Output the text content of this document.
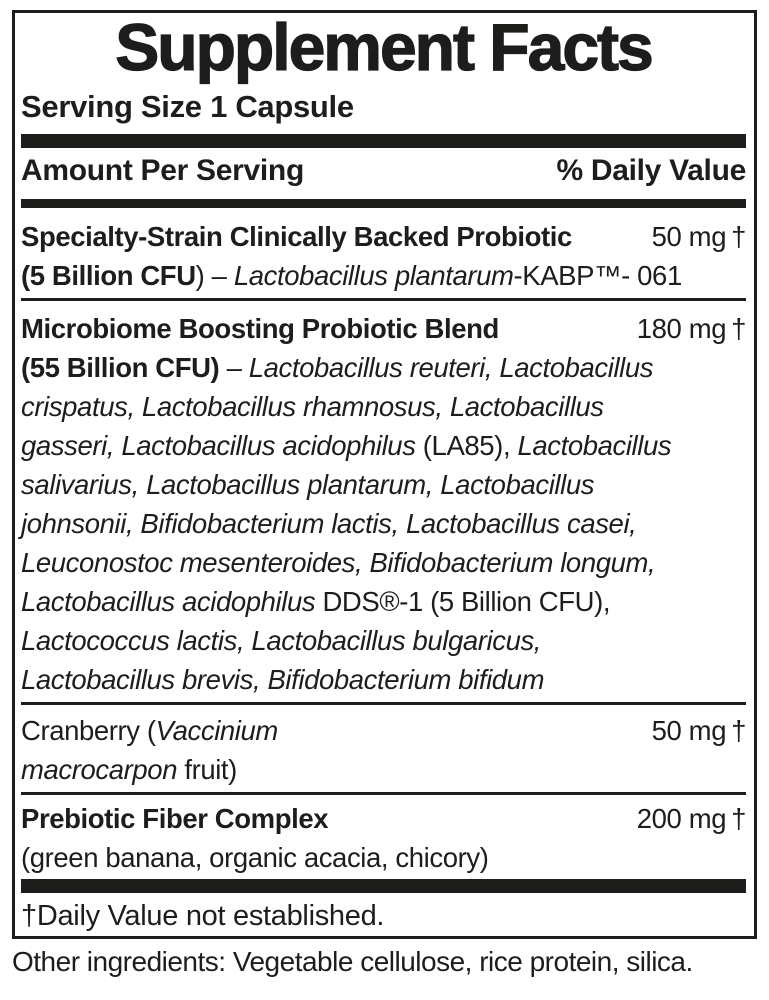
Supplement Facts
Serving Size 1 Capsule
Amount Per Serving	% Daily Value
Specialty-Strain Clinically Backed Probiotic	50 mg †
(5 Billion CFU) – Lactobacillus plantarum-KABP™- 061
Microbiome Boosting Probiotic Blend	180 mg †
(55 Billion CFU) – Lactobacillus reuteri, Lactobacillus
crispatus, Lactobacillus rhamnosus, Lactobacillus
gasseri, Lactobacillus acidophilus (LA85), Lactobacillus
salivarius, Lactobacillus plantarum, Lactobacillus
johnsonii, Bifidobacterium lactis, Lactobacillus casei,
Leuconostoc mesenteroides, Bifidobacterium longum,
Lactobacillus acidophilus DDS®-1 (5 Billion CFU),
Lactococcus lactis, Lactobacillus bulgaricus,
Lactobacillus brevis, Bifidobacterium bifidum
Cranberry (Vaccinium	50 mg †
macrocarpon fruit)
Prebiotic Fiber Complex	200 mg †
(green banana, organic acacia, chicory)
†Daily Value not established.
Other ingredients: Vegetable cellulose, rice protein, silica.
